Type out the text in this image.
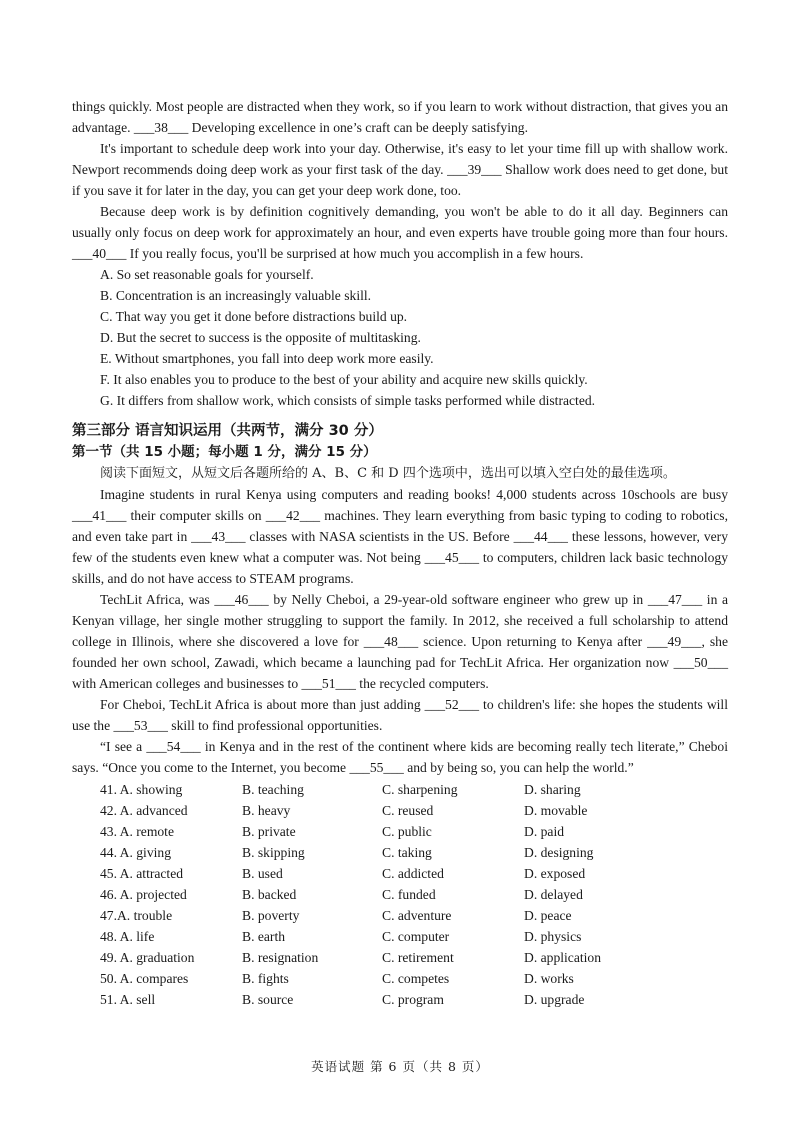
things quickly. Most people are distracted when they work, so if you learn to work without distraction, that gives you an advantage. ___38___ Developing excellence in one’s craft can be deeply satisfying.

It's important to schedule deep work into your day. Otherwise, it's easy to let your time fill up with shallow work. Newport recommends doing deep work as your first task of the day. ___39___ Shallow work does need to get done, but if you save it for later in the day, you can get your deep work done, too.

Because deep work is by definition cognitively demanding, you won't be able to do it all day. Beginners can usually only focus on deep work for approximately an hour, and even experts have trouble going more than four hours. ___40___ If you really focus, you'll be surprised at how much you accomplish in a few hours.

A. So set reasonable goals for yourself.

B. Concentration is an increasingly valuable skill.

C. That way you get it done before distractions build up.

D. But the secret to success is the opposite of multitasking.

E. Without smartphones, you fall into deep work more easily.

F. It also enables you to produce to the best of your ability and acquire new skills quickly.

G. It differs from shallow work, which consists of simple tasks performed while distracted.

第三部分 语言知识运用（共两节，满分 30 分）
第一节（共 15 小题；每小题 1 分，满分 15 分）
阅读下面短文，从短文后各题所给的 A、B、C 和 D 四个选项中，选出可以填入空白处的最佳选项。

Imagine students in rural Kenya using computers and reading books! 4,000 students across 10schools are busy ___41___ their computer skills on ___42___ machines. They learn everything from basic typing to coding to robotics, and even take part in ___43___ classes with NASA scientists in the US. Before ___44___ these lessons, however, very few of the students even knew what a computer was. Not being ___45___ to computers, children lack basic technology skills, and do not have access to STEAM programs.

TechLit Africa, was ___46___ by Nelly Cheboi, a 29-year-old software engineer who grew up in ___47___ in a Kenyan village, her single mother struggling to support the family. In 2012, she received a full scholarship to attend college in Illinois, where she discovered a love for ___48___ science. Upon returning to Kenya after ___49___, she founded her own school, Zawadi, which became a launching pad for TechLit Africa. Her organization now ___50___ with American colleges and businesses to ___51___ the recycled computers.

For Cheboi, TechLit Africa is about more than just adding ___52___ to children's life: she hopes the students will use the ___53___ skill to find professional opportunities.

“I see a ___54___ in Kenya and in the rest of the continent where kids are becoming really tech literate,” Cheboi says. “Once you come to the Internet, you become ___55___ and by being so, you can help the world.”

41. A. showing	B. teaching	C. sharpening	D. sharing
42. A. advanced	B. heavy	C. reused	D. movable
43. A. remote	B. private	C. public	D. paid
44. A. giving	B. skipping	C. taking	D. designing
45. A. attracted	B. used	C. addicted	D. exposed
46. A. projected	B. backed	C. funded	D. delayed
47.A. trouble	B. poverty	C. adventure	D. peace
48. A. life	B. earth	C. computer	D. physics
49. A. graduation	B. resignation	C. retirement	D. application
50. A. compares	B. fights	C. competes	D. works
51. A. sell	B. source	C. program	D. upgrade
英语试题 第 6 页（共 8 页）
